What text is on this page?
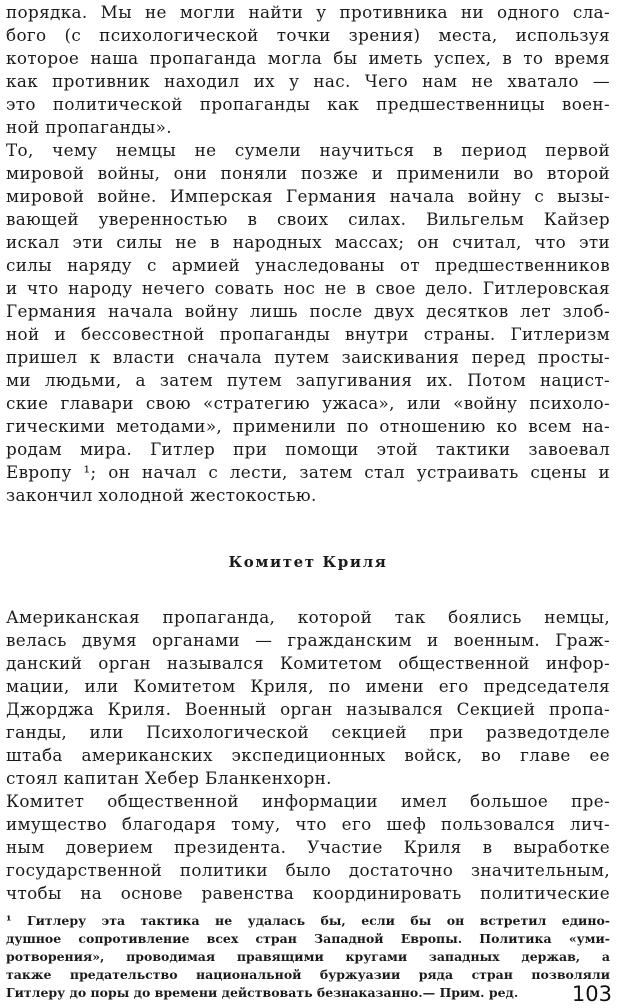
порядка. Мы не могли найти у противника ни одного сла-
бого (с психологической точки зрения) места, используя
которое наша пропаганда могла бы иметь успех, в то время
как противник находил их у нас. Чего нам не хватало —
это политической пропаганды как предшественницы воен-
ной пропаганды».
То, чему немцы не сумели научиться в период первой
мировой войны, они поняли позже и применили во второй
мировой войне. Имперская Германия начала войну с вызы-
вающей уверенностью в своих силах. Вильгельм Кайзер
искал эти силы не в народных массах; он считал, что эти
силы наряду с армией унаследованы от предшественников
и что народу нечего совать нос не в свое дело. Гитлеровская
Германия начала войну лишь после двух десятков лет злоб-
ной и бессовестной пропаганды внутри страны. Гитлеризм
пришел к власти сначала путем заискивания перед просты-
ми людьми, а затем путем запугивания их. Потом нацист-
ские главари свою «стратегию ужаса», или «войну психоло-
гическими методами», применили по отношению ко всем на-
родам мира. Гитлер при помощи этой тактики завоевал
Европу ¹; он начал с лести, затем стал устраивать сцены и
закончил холодной жестокостью.
Комитет Криля
Американская пропаганда, которой так боялись немцы,
велась двумя органами — гражданским и военным. Граж-
данский орган назывался Комитетом общественной инфор-
мации, или Комитетом Криля, по имени его председателя
Джорджа Криля. Военный орган назывался Секцией пропа-
ганды, или Психологической секцией при разведотделе
штаба американских экспедиционных войск, во главе ее
стоял капитан Хебер Бланкенхорн.
Комитет общественной информации имел большое пре-
имущество благодаря тому, что его шеф пользовался лич-
ным доверием президента. Участие Криля в выработке
государственной политики было достаточно значительным,
чтобы на основе равенства координировать политические
¹ Гитлеру эта тактика не удалась бы, если бы он встретил едино-
душное сопротивление всех стран Западной Европы. Политика «уми-
ротворения», проводимая правящими кругами западных держав, а
также предательство национальной буржуазии ряда стран позволяли
Гитлеру до поры до времени действовать безнаказанно.— Прим. ред.	103
